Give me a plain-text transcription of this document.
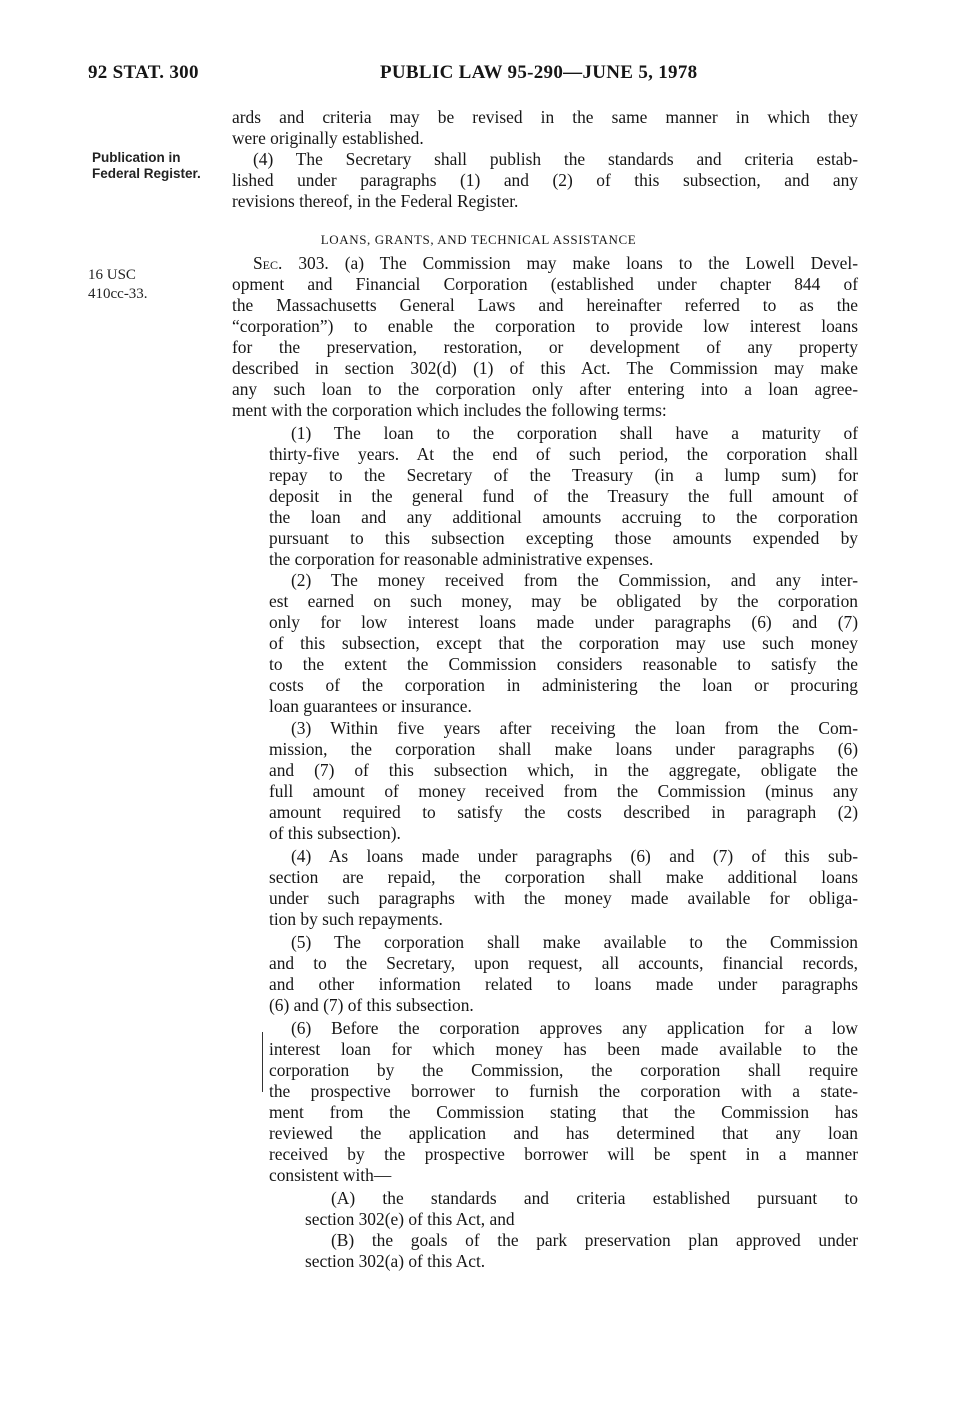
92 STAT. 300	PUBLIC LAW 95-290—JUNE 5, 1978
Publication in
Federal Register.
16 USC
410cc-33.
LOANS, GRANTS, AND TECHNICAL ASSISTANCE
ards and criteria may be revised in the same manner in which they
were originally established.
(4) The Secretary shall publish the standards and criteria estab-
lished under paragraphs (1) and (2) of this subsection, and any
revisions thereof, in the Federal Register.
Sec. 303. (a) The Commission may make loans to the Lowell Devel-
opment and Financial Corporation (established under chapter 844 of
the Massachusetts General Laws and hereinafter referred to as the
“corporation”) to enable the corporation to provide low interest loans
for the preservation, restoration, or development of any property
described in section 302(d) (1) of this Act. The Commission may make
any such loan to the corporation only after entering into a loan agree-
ment with the corporation which includes the following terms:
(1) The loan to the corporation shall have a maturity of
thirty-five years. At the end of such period, the corporation shall
repay to the Secretary of the Treasury (in a lump sum) for
deposit in the general fund of the Treasury the full amount of
the loan and any additional amounts accruing to the corporation
pursuant to this subsection excepting those amounts expended by
the corporation for reasonable administrative expenses.
(2) The money received from the Commission, and any inter-
est earned on such money, may be obligated by the corporation
only for low interest loans made under paragraphs (6) and (7)
of this subsection, except that the corporation may use such money
to the extent the Commission considers reasonable to satisfy the
costs of the corporation in administering the loan or procuring
loan guarantees or insurance.
(3) Within five years after receiving the loan from the Com-
mission, the corporation shall make loans under paragraphs (6)
and (7) of this subsection which, in the aggregate, obligate the
full amount of money received from the Commission (minus any
amount required to satisfy the costs described in paragraph (2)
of this subsection).
(4) As loans made under paragraphs (6) and (7) of this sub-
section are repaid, the corporation shall make additional loans
under such paragraphs with the money made available for obliga-
tion by such repayments.
(5) The corporation shall make available to the Commission
and to the Secretary, upon request, all accounts, financial records,
and other information related to loans made under paragraphs
(6) and (7) of this subsection.
(6) Before the corporation approves any application for a low
interest loan for which money has been made available to the
corporation by the Commission, the corporation shall require
the prospective borrower to furnish the corporation with a state-
ment from the Commission stating that the Commission has
reviewed the application and has determined that any loan
received by the prospective borrower will be spent in a manner
consistent with—
(A) the standards and criteria established pursuant to
section 302(e) of this Act, and
(B) the goals of the park preservation plan approved under
section 302(a) of this Act.
